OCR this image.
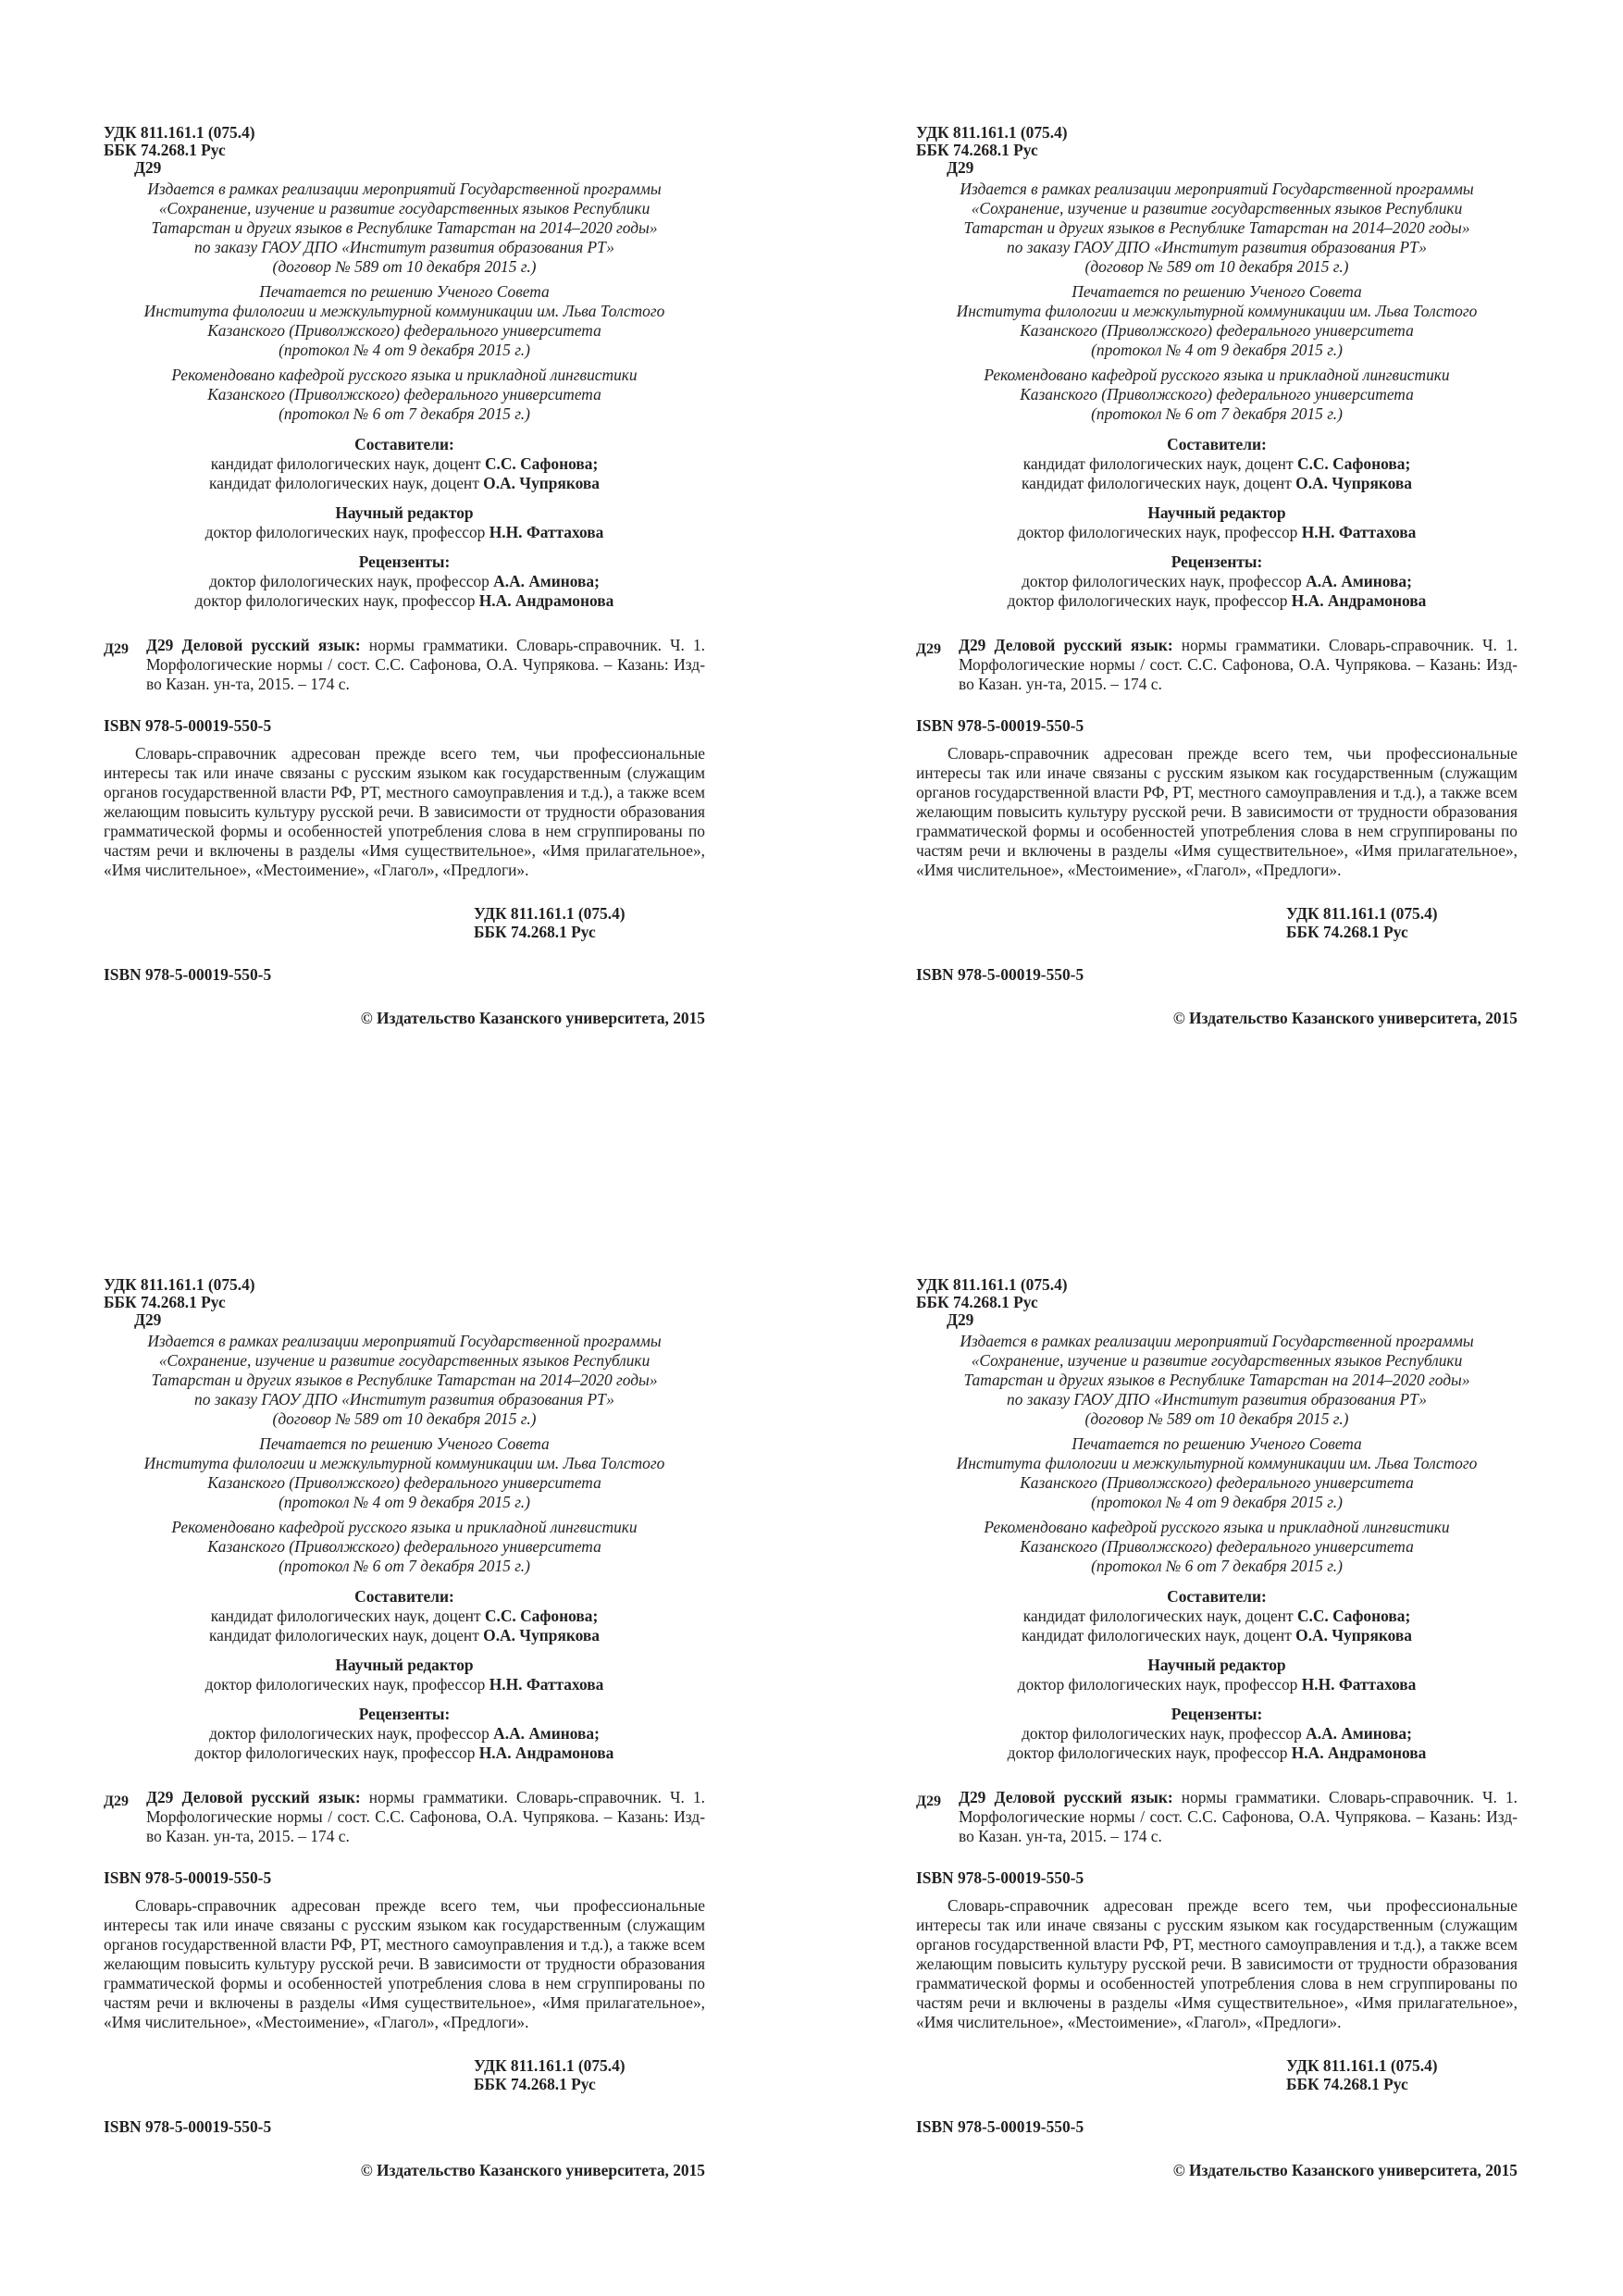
УДК 811.161.1 (075.4)
ББК 74.268.1 Рус
Д29
Издается в рамках реализации мероприятий Государственной программы
«Сохранение, изучение и развитие государственных языков Республики
Татарстан и других языков в Республике Татарстан на 2014–2020 годы»
по заказу ГАОУ ДПО «Институт развития образования РТ»
(договор № 589 от 10 декабря 2015 г.)
Печатается по решению Ученого Совета
Института филологии и межкультурной коммуникации им. Льва Толстого
Казанского (Приволжского) федерального университета
(протокол № 4 от 9 декабря 2015 г.)
Рекомендовано кафедрой русского языка и прикладной лингвистики
Казанского (Приволжского) федерального университета
(протокол № 6 от 7 декабря 2015 г.)
Составители:
кандидат филологических наук, доцент С.С. Сафонова;
кандидат филологических наук, доцент О.А. Чупрякова
Научный редактор
доктор филологических наук, профессор Н.Н. Фаттахова
Рецензенты:
доктор филологических наук, профессор А.А. Аминова;
доктор филологических наук, профессор Н.А. Андрамонова
Д29	Д29 Деловой русский язык: нормы грамматики. Словарь-справочник. Ч. 1. Морфологические нормы / сост. С.С. Сафонова, О.А. Чупрякова. – Казань: Изд-во Казан. ун-та, 2015. – 174 с.
ISBN 978-5-00019-550-5
Словарь-справочник адресован прежде всего тем, чьи профессиональные интересы так или иначе связаны с русским языком как государственным (служащим органов государственной власти РФ, РТ, местного самоуправления и т.д.), а также всем желающим повысить культуру русской речи. В зависимости от трудности образования грамматической формы и особенностей употребления слова в нем сгруппированы по частям речи и включены в разделы «Имя существительное», «Имя прилагательное», «Имя числительное», «Местоимение», «Глагол», «Предлоги».
УДК 811.161.1 (075.4)
ББК 74.268.1 Рус
ISBN 978-5-00019-550-5
© Издательство Казанского университета, 2015
УДК 811.161.1 (075.4)
ББК 74.268.1 Рус
Д29
Издается в рамках реализации мероприятий Государственной программы
«Сохранение, изучение и развитие государственных языков Республики
Татарстан и других языков в Республике Татарстан на 2014–2020 годы»
по заказу ГАОУ ДПО «Институт развития образования РТ»
(договор № 589 от 10 декабря 2015 г.)
Печатается по решению Ученого Совета
Института филологии и межкультурной коммуникации им. Льва Толстого
Казанского (Приволжского) федерального университета
(протокол № 4 от 9 декабря 2015 г.)
Рекомендовано кафедрой русского языка и прикладной лингвистики
Казанского (Приволжского) федерального университета
(протокол № 6 от 7 декабря 2015 г.)
Составители:
кандидат филологических наук, доцент С.С. Сафонова;
кандидат филологических наук, доцент О.А. Чупрякова
Научный редактор
доктор филологических наук, профессор Н.Н. Фаттахова
Рецензенты:
доктор филологических наук, профессор А.А. Аминова;
доктор филологических наук, профессор Н.А. Андрамонова
Д29	Д29 Деловой русский язык: нормы грамматики. Словарь-справочник. Ч. 1. Морфологические нормы / сост. С.С. Сафонова, О.А. Чупрякова. – Казань: Изд-во Казан. ун-та, 2015. – 174 с.
ISBN 978-5-00019-550-5
Словарь-справочник адресован прежде всего тем, чьи профессиональные интересы так или иначе связаны с русским языком как государственным (служащим органов государственной власти РФ, РТ, местного самоуправления и т.д.), а также всем желающим повысить культуру русской речи. В зависимости от трудности образования грамматической формы и особенностей употребления слова в нем сгруппированы по частям речи и включены в разделы «Имя существительное», «Имя прилагательное», «Имя числительное», «Местоимение», «Глагол», «Предлоги».
УДК 811.161.1 (075.4)
ББК 74.268.1 Рус
ISBN 978-5-00019-550-5
© Издательство Казанского университета, 2015
УДК 811.161.1 (075.4)
ББК 74.268.1 Рус
Д29
Издается в рамках реализации мероприятий Государственной программы
«Сохранение, изучение и развитие государственных языков Республики
Татарстан и других языков в Республике Татарстан на 2014–2020 годы»
по заказу ГАОУ ДПО «Институт развития образования РТ»
(договор № 589 от 10 декабря 2015 г.)
Печатается по решению Ученого Совета
Института филологии и межкультурной коммуникации им. Льва Толстого
Казанского (Приволжского) федерального университета
(протокол № 4 от 9 декабря 2015 г.)
Рекомендовано кафедрой русского языка и прикладной лингвистики
Казанского (Приволжского) федерального университета
(протокол № 6 от 7 декабря 2015 г.)
Составители:
кандидат филологических наук, доцент С.С. Сафонова;
кандидат филологических наук, доцент О.А. Чупрякова
Научный редактор
доктор филологических наук, профессор Н.Н. Фаттахова
Рецензенты:
доктор филологических наук, профессор А.А. Аминова;
доктор филологических наук, профессор Н.А. Андрамонова
Д29	Д29 Деловой русский язык: нормы грамматики. Словарь-справочник. Ч. 1. Морфологические нормы / сост. С.С. Сафонова, О.А. Чупрякова. – Казань: Изд-во Казан. ун-та, 2015. – 174 с.
ISBN 978-5-00019-550-5
Словарь-справочник адресован прежде всего тем, чьи профессиональные интересы так или иначе связаны с русским языком как государственным (служащим органов государственной власти РФ, РТ, местного самоуправления и т.д.), а также всем желающим повысить культуру русской речи. В зависимости от трудности образования грамматической формы и особенностей употребления слова в нем сгруппированы по частям речи и включены в разделы «Имя существительное», «Имя прилагательное», «Имя числительное», «Местоимение», «Глагол», «Предлоги».
УДК 811.161.1 (075.4)
ББК 74.268.1 Рус
ISBN 978-5-00019-550-5
© Издательство Казанского университета, 2015
УДК 811.161.1 (075.4)
ББК 74.268.1 Рус
Д29
Издается в рамках реализации мероприятий Государственной программы
«Сохранение, изучение и развитие государственных языков Республики
Татарстан и других языков в Республике Татарстан на 2014–2020 годы»
по заказу ГАОУ ДПО «Институт развития образования РТ»
(договор № 589 от 10 декабря 2015 г.)
Печатается по решению Ученого Совета
Института филологии и межкультурной коммуникации им. Льва Толстого
Казанского (Приволжского) федерального университета
(протокол № 4 от 9 декабря 2015 г.)
Рекомендовано кафедрой русского языка и прикладной лингвистики
Казанского (Приволжского) федерального университета
(протокол № 6 от 7 декабря 2015 г.)
Составители:
кандидат филологических наук, доцент С.С. Сафонова;
кандидат филологических наук, доцент О.А. Чупрякова
Научный редактор
доктор филологических наук, профессор Н.Н. Фаттахова
Рецензенты:
доктор филологических наук, профессор А.А. Аминова;
доктор филологических наук, профессор Н.А. Андрамонова
Д29	Д29 Деловой русский язык: нормы грамматики. Словарь-справочник. Ч. 1. Морфологические нормы / сост. С.С. Сафонова, О.А. Чупрякова. – Казань: Изд-во Казан. ун-та, 2015. – 174 с.
ISBN 978-5-00019-550-5
Словарь-справочник адресован прежде всего тем, чьи профессиональные интересы так или иначе связаны с русским языком как государственным (служащим органов государственной власти РФ, РТ, местного самоуправления и т.д.), а также всем желающим повысить культуру русской речи. В зависимости от трудности образования грамматической формы и особенностей употребления слова в нем сгруппированы по частям речи и включены в разделы «Имя существительное», «Имя прилагательное», «Имя числительное», «Местоимение», «Глагол», «Предлоги».
УДК 811.161.1 (075.4)
ББК 74.268.1 Рус
ISBN 978-5-00019-550-5
© Издательство Казанского университета, 2015
